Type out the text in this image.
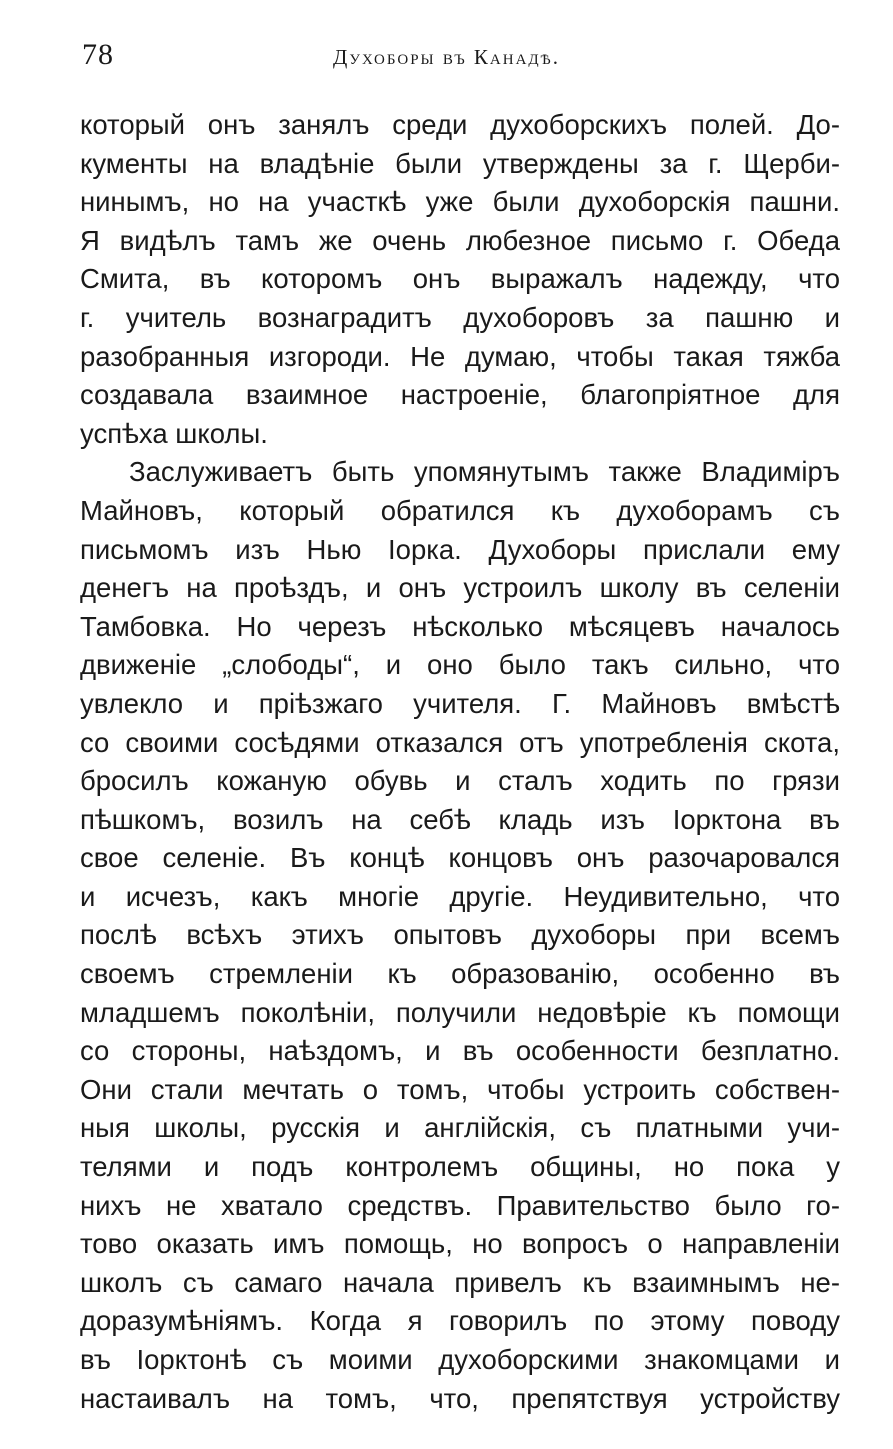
78	Духоборы въ Канадѣ.
который онъ занялъ среди духоборскихъ полей. До-
кументы на владѣніе были утверждены за г. Щерби-
нинымъ, но на участкѣ уже были духоборскія пашни.
Я видѣлъ тамъ же очень любезное письмо г. Обеда
Смита, въ которомъ онъ выражалъ надежду, что
г. учитель вознаградитъ духоборовъ за пашню и
разобранныя изгороди. Не думаю, чтобы такая тяжба
создавала взаимное настроеніе, благопріятное для
успѣха школы.
Заслуживаетъ быть упомянутымъ также Владиміръ
Майновъ, который обратился къ духоборамъ съ
письмомъ изъ Нью Іорка. Духоборы прислали ему
денегъ на проѣздъ, и онъ устроилъ школу въ селеніи
Тамбовка. Но черезъ нѣсколько мѣсяцевъ началось
движеніе „слободы“, и оно было такъ сильно, что
увлекло и пріѣзжаго учителя. Г. Майновъ вмѣстѣ
со своими сосѣдями отказался отъ употребленія скота,
бросилъ кожаную обувь и сталъ ходить по грязи
пѣшкомъ, возилъ на себѣ кладь изъ Іорктона въ
свое селеніе. Въ концѣ концовъ онъ разочаровался
и исчезъ, какъ многіе другіе. Неудивительно, что
послѣ всѣхъ этихъ опытовъ духоборы при всемъ
своемъ стремленіи къ образованію, особенно въ
младшемъ поколѣніи, получили недовѣріе къ помощи
со стороны, наѣздомъ, и въ особенности безплатно.
Они стали мечтать о томъ, чтобы устроить собствен-
ныя школы, русскія и англійскія, съ платными учи-
телями и подъ контролемъ общины, но пока у
нихъ не хватало средствъ. Правительство было го-
тово оказать имъ помощь, но вопросъ о направленіи
школъ съ самаго начала привелъ къ взаимнымъ не-
доразумѣніямъ. Когда я говорилъ по этому поводу
въ Іорктонѣ съ моими духоборскими знакомцами и
настаивалъ на томъ, что, препятствуя устройству
